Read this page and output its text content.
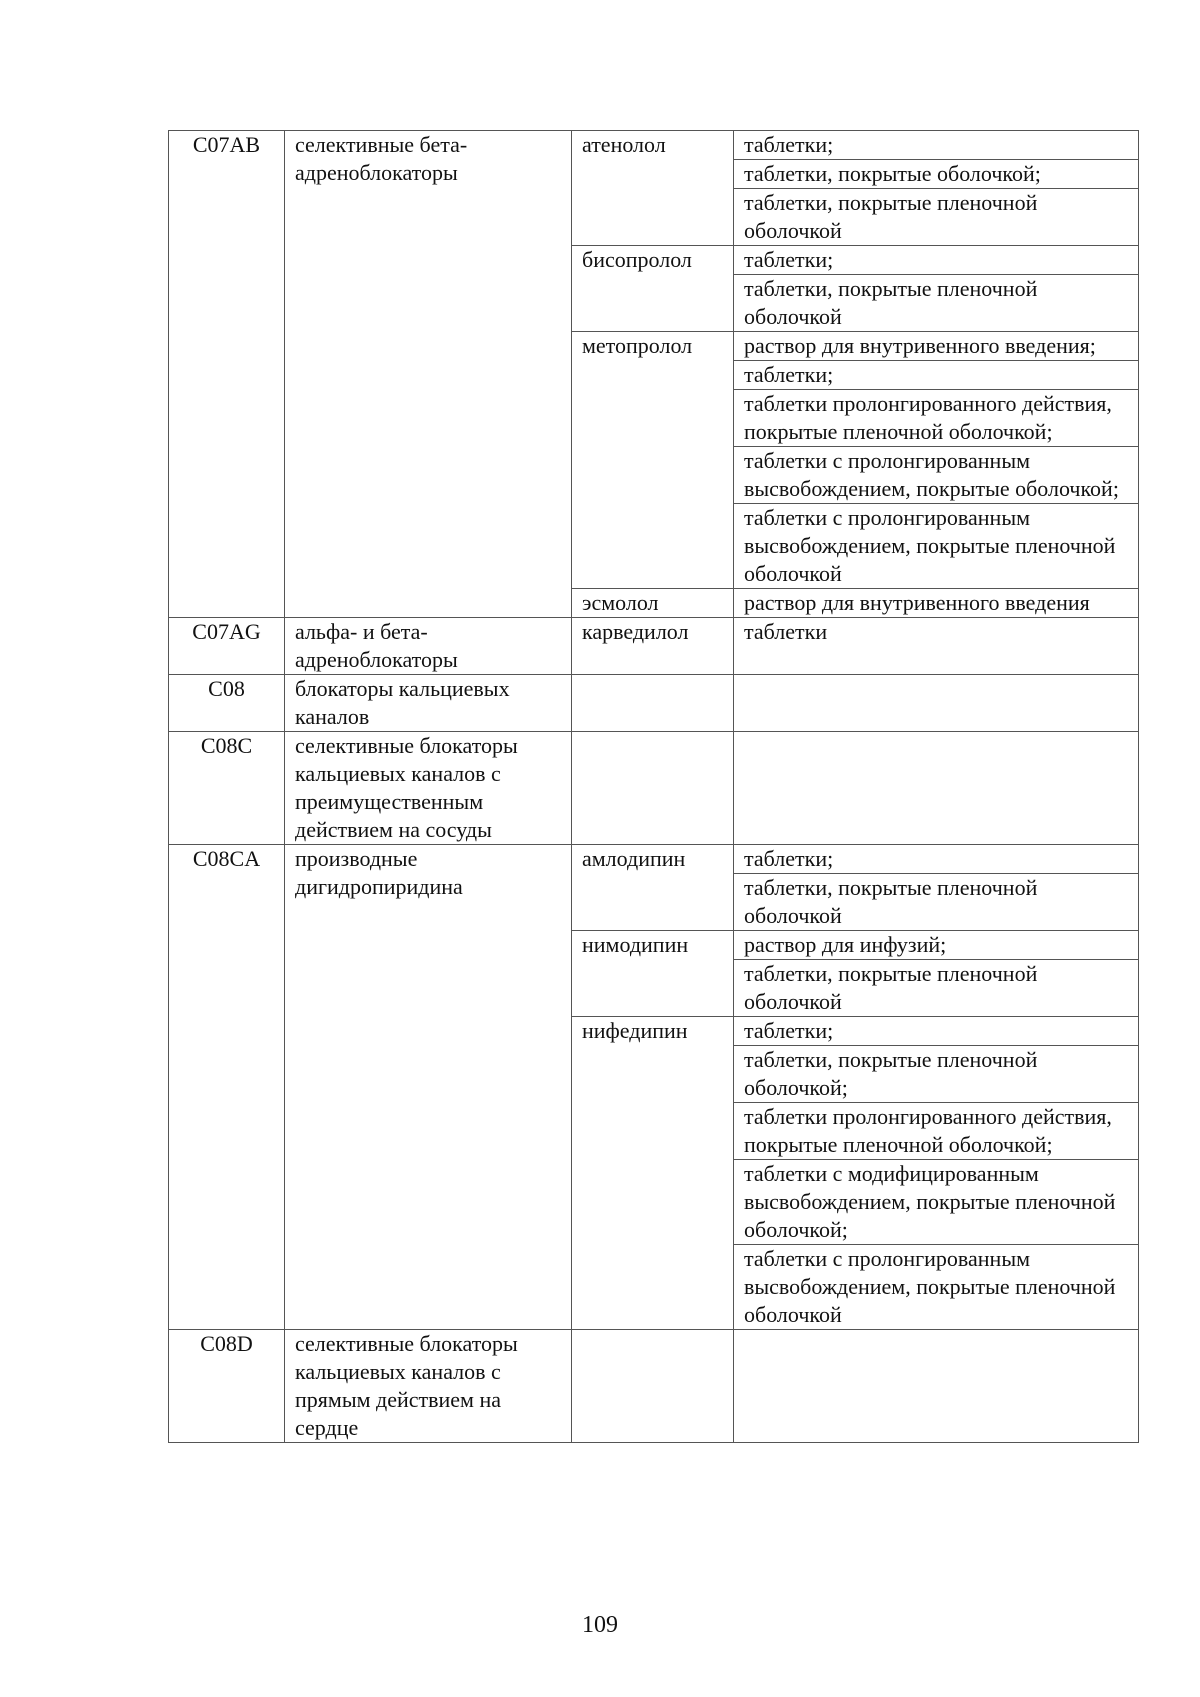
C07AB	селективные бета-адреноблокаторы	атенолол	таблетки;
			таблетки, покрытые оболочкой;
			таблетки, покрытые пленочной оболочкой
		бисопролол	таблетки;
			таблетки, покрытые пленочной оболочкой
		метопролол	раствор для внутривенного введения;
			таблетки;
			таблетки пролонгированного действия, покрытые пленочной оболочкой;
			таблетки с пролонгированным высвобождением, покрытые оболочкой;
			таблетки с пролонгированным высвобождением, покрытые пленочной оболочкой
		эсмолол	раствор для внутривенного введения
C07AG	альфа- и бета-адреноблокаторы	карведилол	таблетки
C08	блокаторы кальциевых каналов		
C08C	селективные блокаторы кальциевых каналов с преимущественным действием на сосуды		
C08CA	производные дигидропиридина	амлодипин	таблетки;
			таблетки, покрытые пленочной оболочкой
		нимодипин	раствор для инфузий;
			таблетки, покрытые пленочной оболочкой
		нифедипин	таблетки;
			таблетки, покрытые пленочной оболочкой;
			таблетки пролонгированного действия, покрытые пленочной оболочкой;
			таблетки с модифицированным высвобождением, покрытые пленочной оболочкой;
			таблетки с пролонгированным высвобождением, покрытые пленочной оболочкой
C08D	селективные блокаторы кальциевых каналов с прямым действием на сердце		
109
